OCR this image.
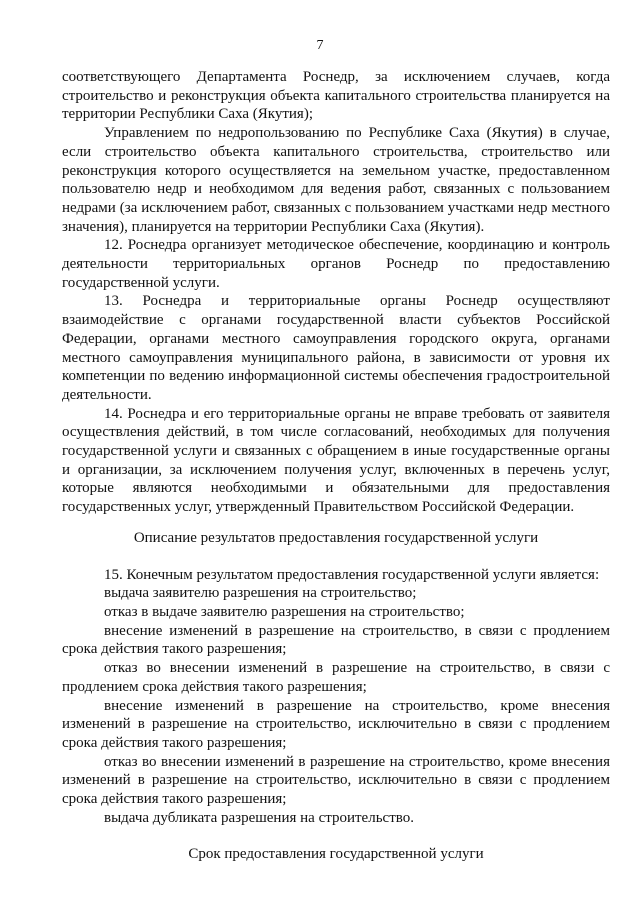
7

соответствующего Департамента Роснедр, за исключением случаев, когда строительство и реконструкция объекта капитального строительства планируется на территории Республики Саха (Якутия);

Управлением по недропользованию по Республике Саха (Якутия) в случае, если строительство объекта капитального строительства, строительство или реконструкция которого осуществляется на земельном участке, предоставленном пользователю недр и необходимом для ведения работ, связанных с пользованием недрами (за исключением работ, связанных с пользованием участками недр местного значения), планируется на территории Республики Саха (Якутия).

12. Роснедра организует методическое обеспечение, координацию и контроль деятельности территориальных органов Роснедр по предоставлению государственной услуги.

13. Роснедра и территориальные органы Роснедр осуществляют взаимодействие с органами государственной власти субъектов Российской Федерации, органами местного самоуправления городского округа, органами местного самоуправления муниципального района, в зависимости от уровня их компетенции по ведению информационной системы обеспечения градостроительной деятельности.

14. Роснедра и его территориальные органы не вправе требовать от заявителя осуществления действий, в том числе согласований, необходимых для получения государственной услуги и связанных с обращением в иные государственные органы и организации, за исключением получения услуг, включенных в перечень услуг, которые являются необходимыми и обязательными для предоставления государственных услуг, утвержденный Правительством Российской Федерации.

Описание результатов предоставления государственной услуги

15. Конечным результатом предоставления государственной услуги является:

выдача заявителю разрешения на строительство;

отказ в выдаче заявителю разрешения на строительство;

внесение изменений в разрешение на строительство, в связи с продлением срока действия такого разрешения;

отказ во внесении изменений в разрешение на строительство, в связи с продлением срока действия такого разрешения;

внесение изменений в разрешение на строительство, кроме внесения изменений в разрешение на строительство, исключительно в связи с продлением срока действия такого разрешения;

отказ во внесении изменений в разрешение на строительство, кроме внесения изменений в разрешение на строительство, исключительно в связи с продлением срока действия такого разрешения;

выдача дубликата разрешения на строительство.

Срок предоставления государственной услуги
